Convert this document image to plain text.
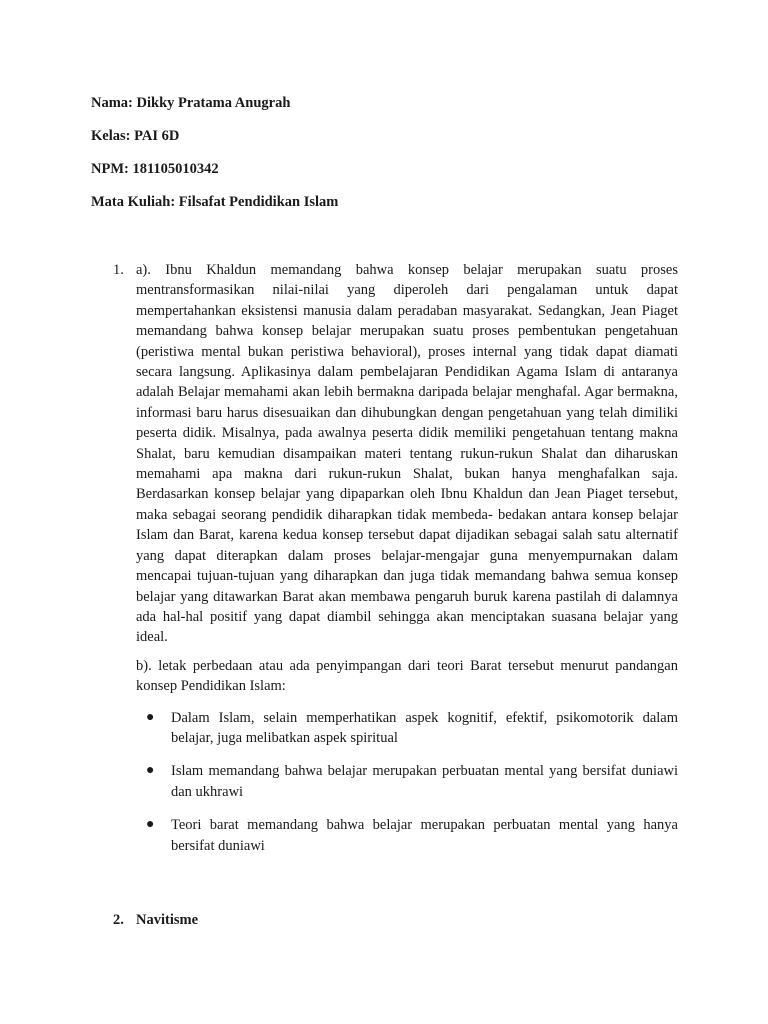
Nama: Dikky Pratama Anugrah

Kelas: PAI 6D

NPM: 181105010342

Mata Kuliah: Filsafat Pendidikan Islam

1. a). Ibnu Khaldun memandang bahwa konsep belajar merupakan suatu proses mentransformasikan nilai-nilai yang diperoleh dari pengalaman untuk dapat mempertahankan eksistensi manusia dalam peradaban masyarakat. Sedangkan, Jean Piaget memandang bahwa konsep belajar merupakan suatu proses pembentukan pengetahuan (peristiwa mental bukan peristiwa behavioral), proses internal yang tidak dapat diamati secara langsung. Aplikasinya dalam pembelajaran Pendidikan Agama Islam di antaranya adalah Belajar memahami akan lebih bermakna daripada belajar menghafal. Agar bermakna, informasi baru harus disesuaikan dan dihubungkan dengan pengetahuan yang telah dimiliki peserta didik. Misalnya, pada awalnya peserta didik memiliki pengetahuan tentang makna Shalat, baru kemudian disampaikan materi tentang rukun-rukun Shalat dan diharuskan memahami apa makna dari rukun-rukun Shalat, bukan hanya menghafalkan saja. Berdasarkan konsep belajar yang dipaparkan oleh Ibnu Khaldun dan Jean Piaget tersebut, maka sebagai seorang pendidik diharapkan tidak membeda- bedakan antara konsep belajar Islam dan Barat, karena kedua konsep tersebut dapat dijadikan sebagai salah satu alternatif yang dapat diterapkan dalam proses belajar-mengajar guna menyempurnakan dalam mencapai tujuan-tujuan yang diharapkan dan juga tidak memandang bahwa semua konsep belajar yang ditawarkan Barat akan membawa pengaruh buruk karena pastilah di dalamnya ada hal-hal positif yang dapat diambil sehingga akan menciptakan suasana belajar yang ideal.

b). letak perbedaan atau ada penyimpangan dari teori Barat tersebut menurut pandangan konsep Pendidikan Islam:

● Dalam Islam, selain memperhatikan aspek kognitif, efektif, psikomotorik dalam belajar, juga melibatkan aspek spiritual
● Islam memandang bahwa belajar merupakan perbuatan mental yang bersifat duniawi dan ukhrawi
● Teori barat memandang bahwa belajar merupakan perbuatan mental yang hanya bersifat duniawi
2. Navitisme
